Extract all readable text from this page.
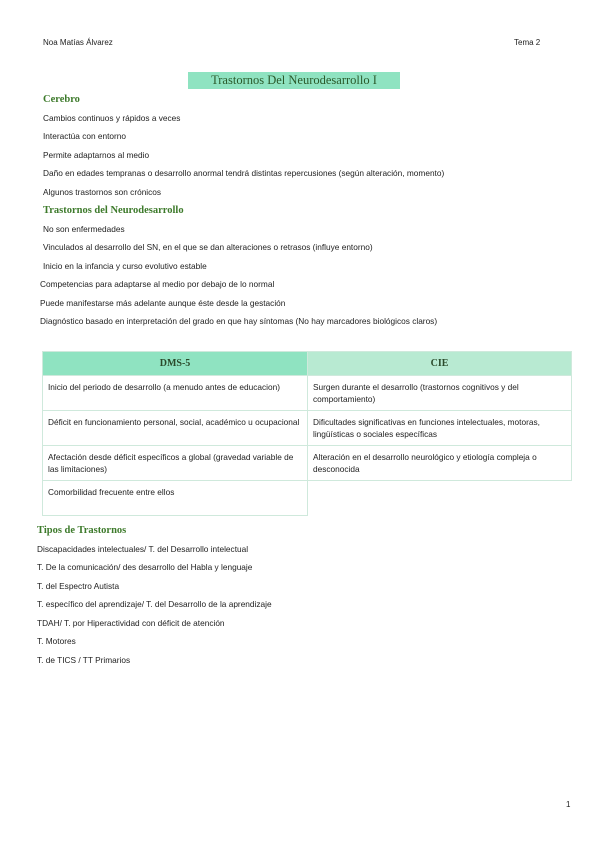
Noa Matías Álvarez	Tema 2
Trastornos Del Neurodesarrollo I
Cerebro
Cambios continuos y rápidos a veces
Interactúa con entorno
Permite adaptarnos al medio
Daño en edades tempranas o desarrollo anormal tendrá distintas repercusiones (según alteración, momento)
Algunos trastornos son crónicos
Trastornos del Neurodesarrollo
No son enfermedades
Vinculados al desarrollo del SN, en el que se dan alteraciones o retrasos (influye entorno)
Inicio en la infancia y curso evolutivo estable
Competencias para adaptarse al medio por debajo de lo normal
Puede manifestarse más adelante aunque éste desde la gestación
Diagnóstico basado en interpretación del grado en que hay síntomas (No hay marcadores biológicos claros)
DMS-5	CIE
Inicio del periodo de desarrollo (a menudo antes de educacion)	Surgen durante el desarrollo (trastornos cognitivos y del comportamiento)
Déficit en funcionamiento personal, social, académico u ocupacional	Dificultades significativas en funciones intelectuales, motoras, lingüísticas o sociales específicas
Afectación desde déficit específicos a global (gravedad variable de las limitaciones)	Alteración en el desarrollo neurológico y etiología compleja o desconocida
Comorbilidad frecuente entre ellos	
Tipos de Trastornos
Discapacidades intelectuales/ T. del Desarrollo intelectual
T. De la comunicación/ des desarrollo del Habla y lenguaje
T. del Espectro Autista
T. específico del aprendizaje/ T. del Desarrollo de la aprendizaje
TDAH/ T. por Hiperactividad con déficit de atención
T. Motores
T. de TICS / TT Primarios
1
